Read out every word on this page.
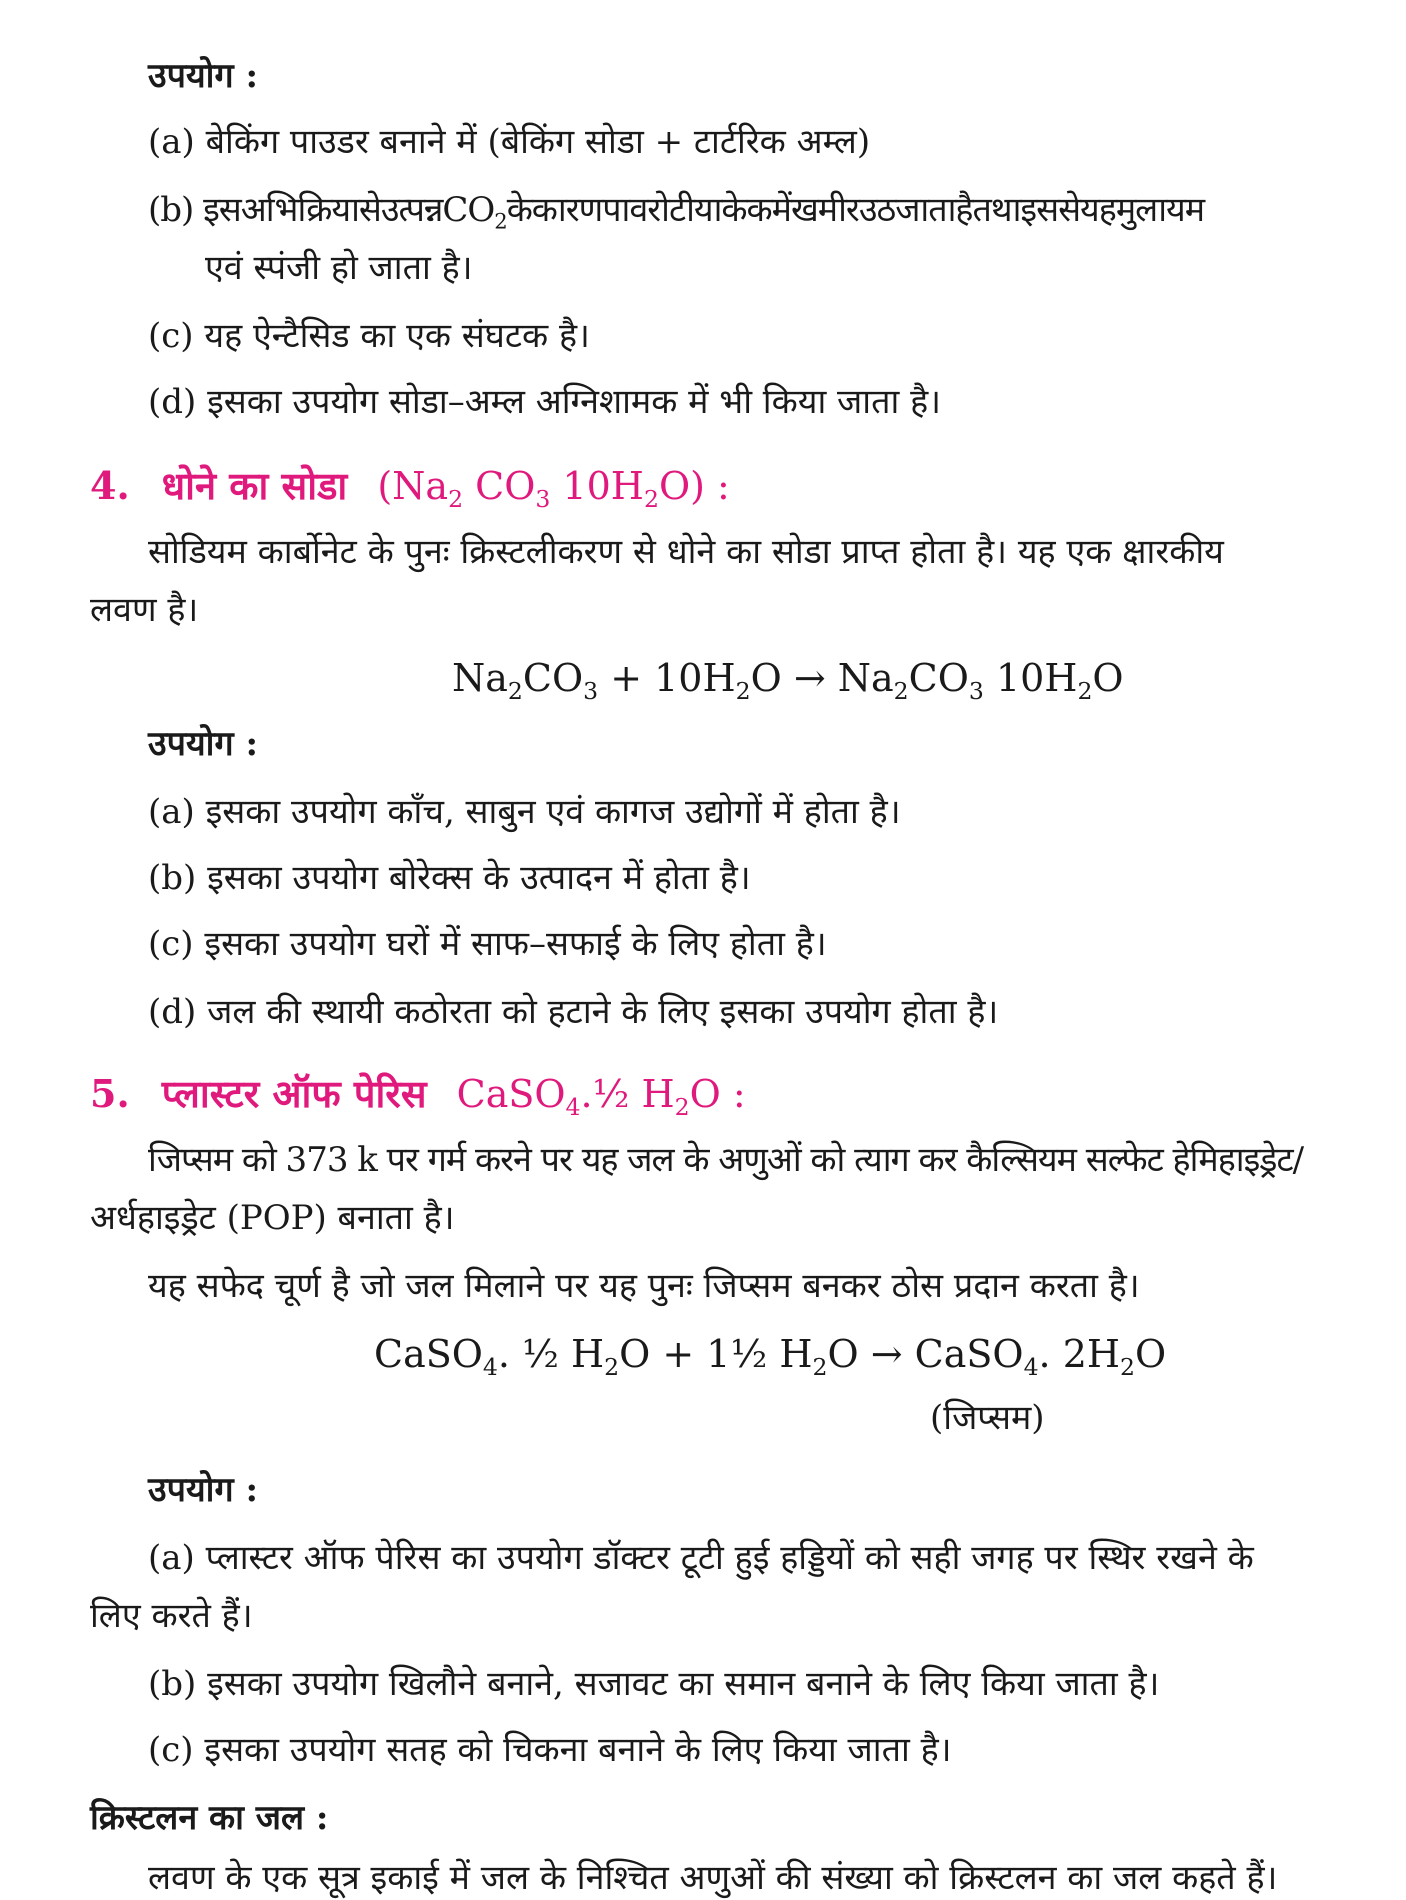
उपयोग :
(a) बेकिंग पाउडर बनाने में (बेकिंग सोडा + टार्टरिक अम्ल)
(b) इसअभिक्रियासेउत्पन्नCO$_2$केकारणपावरोटीयाकेकमेंखमीरउठजाताहैतथाइससेयहमुलायम
एवं स्पंजी हो जाता है।
(c) यह ऐन्टैसिड का एक संघटक है।
(d) इसका उपयोग सोडा–अम्ल अग्निशामक में भी किया जाता है।
4. धोने का सोडा ($Na_2$ $CO_3$ $10H_2O$) :
सोडियम कार्बोनेट के पुनः क्रिस्टलीकरण से धोने का सोडा प्राप्त होता है। यह एक क्षारकीय
लवण है।
$Na_2CO_3 + 10H_2O \to Na_2CO_3$ $10H_2O$
उपयोग :
(a) इसका उपयोग काँच, साबुन एवं कागज उद्योगों में होता है।
(b) इसका उपयोग बोरेक्स के उत्पादन में होता है।
(c) इसका उपयोग घरों में साफ–सफाई के लिए होता है।
(d) जल की स्थायी कठोरता को हटाने के लिए इसका उपयोग होता है।
5. प्लास्टर ऑफ पेरिस CaSO$_4$.½ $H_2O$ :
जिप्सम को 373 k पर गर्म करने पर यह जल के अणुओं को त्याग कर कैल्सियम सल्फेट हेमिहाइड्रेट/
अर्धहाइड्रेट (POP) बनाता है।
यह सफेद चूर्ण है जो जल मिलाने पर यह पुनः जिप्सम बनकर ठोस प्रदान करता है।
CaSO$_4$. ½ $H_2O$ + 1½ $H_2O$ → CaSO$_4$. $2H_2O$
(जिप्सम)
उपयोग :
(a) प्लास्टर ऑफ पेरिस का उपयोग डॉक्टर टूटी हुई हड्डियों को सही जगह पर स्थिर रखने के
लिए करते हैं।
(b) इसका उपयोग खिलौने बनाने, सजावट का समान बनाने के लिए किया जाता है।
(c) इसका उपयोग सतह को चिकना बनाने के लिए किया जाता है।
क्रिस्टलन का जल :
लवण के एक सूत्र इकाई में जल के निश्चित अणुओं की संख्या को क्रिस्टलन का जल कहते हैं।
